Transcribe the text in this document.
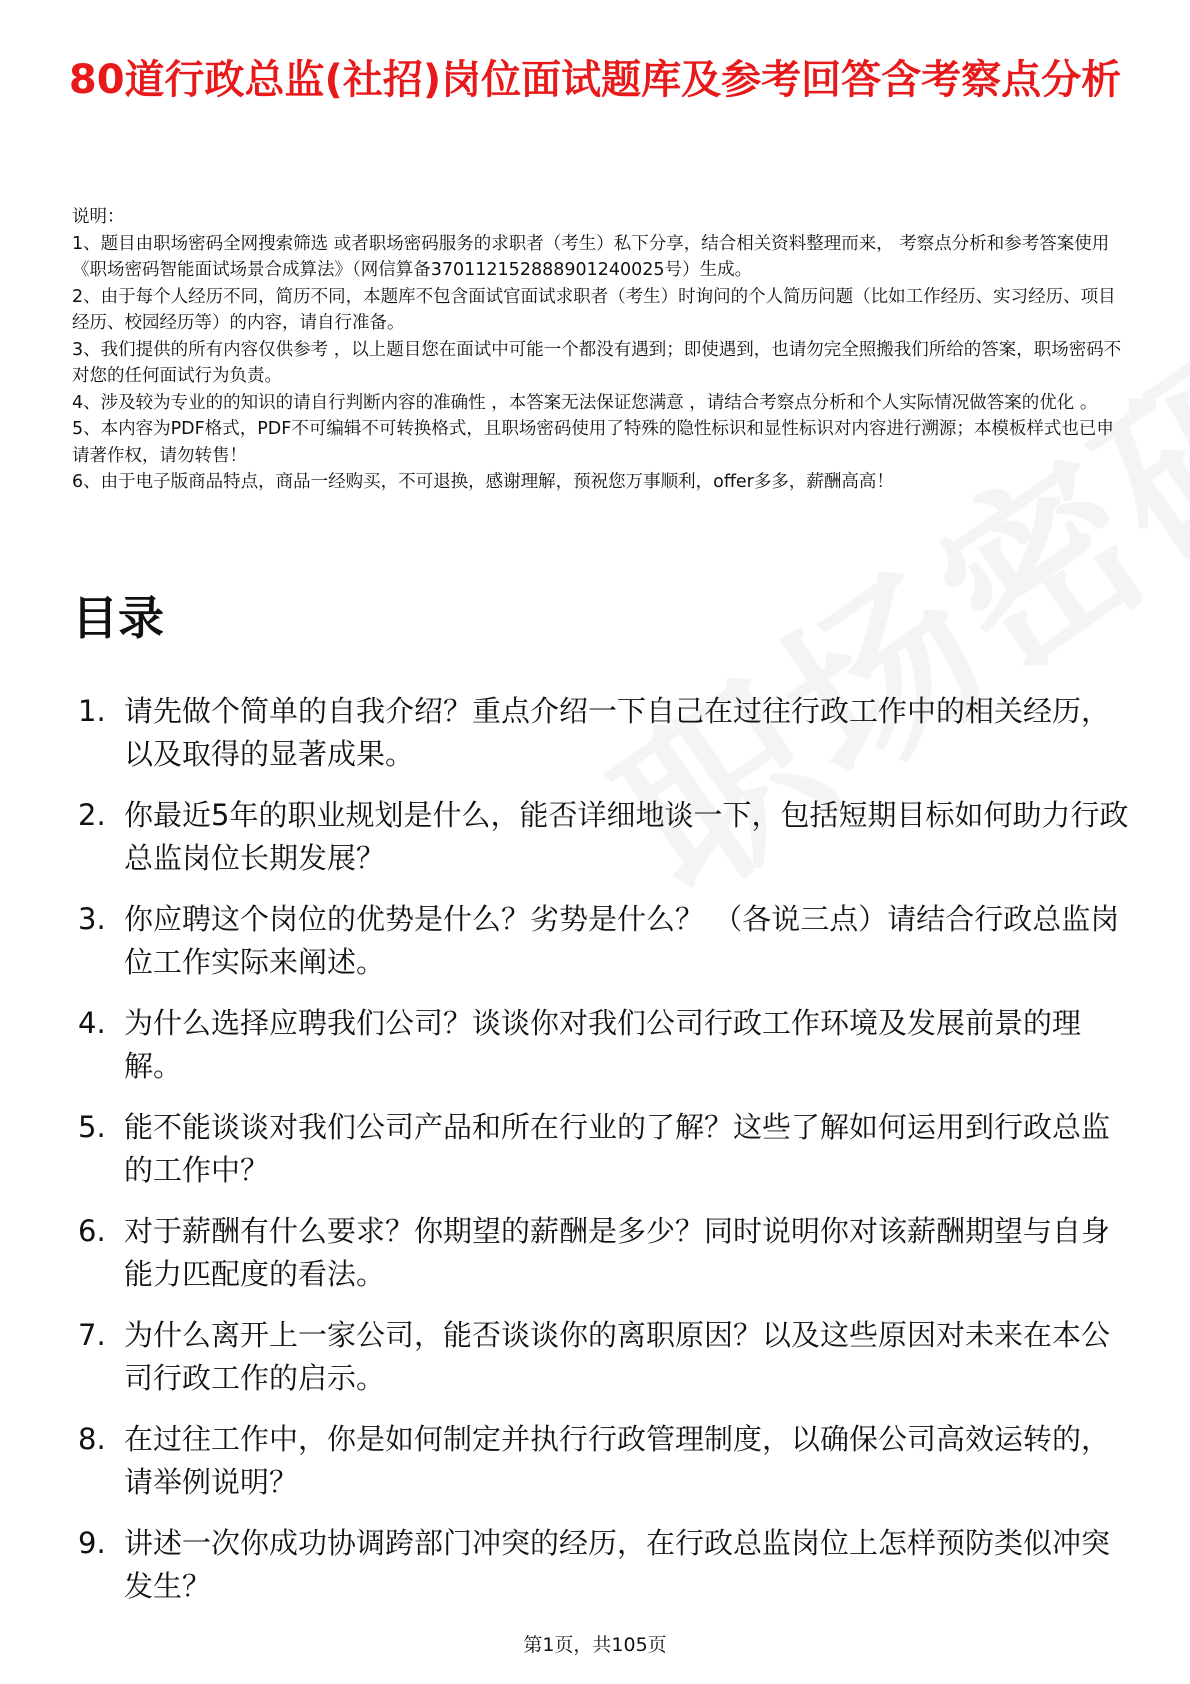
80道行政总监(社招)岗位面试题库及参考回答含考察点分析

说明：

1、题目由职场密码全网搜索筛选 或者职场密码服务的求职者（考生）私下分享，结合相关资料整理而来， 考察点分析和参考答案使用《职场密码智能面试场景合成算法》（网信算备370112152888901240025号）生成。

2、由于每个人经历不同，简历不同，本题库不包含面试官面试求职者（考生）时询问的个人简历问题（比如工作经历、实习经历、项目经历、校园经历等）的内容，请自行准备。

3、我们提供的所有内容仅供参考 ，以上题目您在面试中可能一个都没有遇到；即使遇到，也请勿完全照搬我们所给的答案，职场密码不对您的任何面试行为负责。

4、涉及较为专业的的知识的请自行判断内容的准确性 ，本答案无法保证您满意 ，请结合考察点分析和个人实际情况做答案的优化 。

5、本内容为PDF格式，PDF不可编辑不可转换格式，且职场密码使用了特殊的隐性标识和显性标识对内容进行溯源；本模板样式也已申请著作权，请勿转售！

6、由于电子版商品特点，商品一经购买，不可退换，感谢理解，预祝您万事顺利，offer多多，薪酬高高！

目录
1. 请先做个简单的自我介绍？重点介绍一下自己在过往行政工作中的相关经历，以及取得的显著成果。
2. 你最近5年的职业规划是什么，能否详细地谈一下，包括短期目标如何助力行政总监岗位长期发展？
3. 你应聘这个岗位的优势是什么？劣势是什么？ （各说三点）请结合行政总监岗位工作实际来阐述。
4. 为什么选择应聘我们公司？谈谈你对我们公司行政工作环境及发展前景的理解。
5. 能不能谈谈对我们公司产品和所在行业的了解？这些了解如何运用到行政总监的工作中？
6. 对于薪酬有什么要求？你期望的薪酬是多少？同时说明你对该薪酬期望与自身能力匹配度的看法。
7. 为什么离开上一家公司，能否谈谈你的离职原因？以及这些原因对未来在本公司行政工作的启示。
8. 在过往工作中，你是如何制定并执行行政管理制度，以确保公司高效运转的，请举例说明？
9. 讲述一次你成功协调跨部门冲突的经历，在行政总监岗位上怎样预防类似冲突发生？
第1页，共105页
